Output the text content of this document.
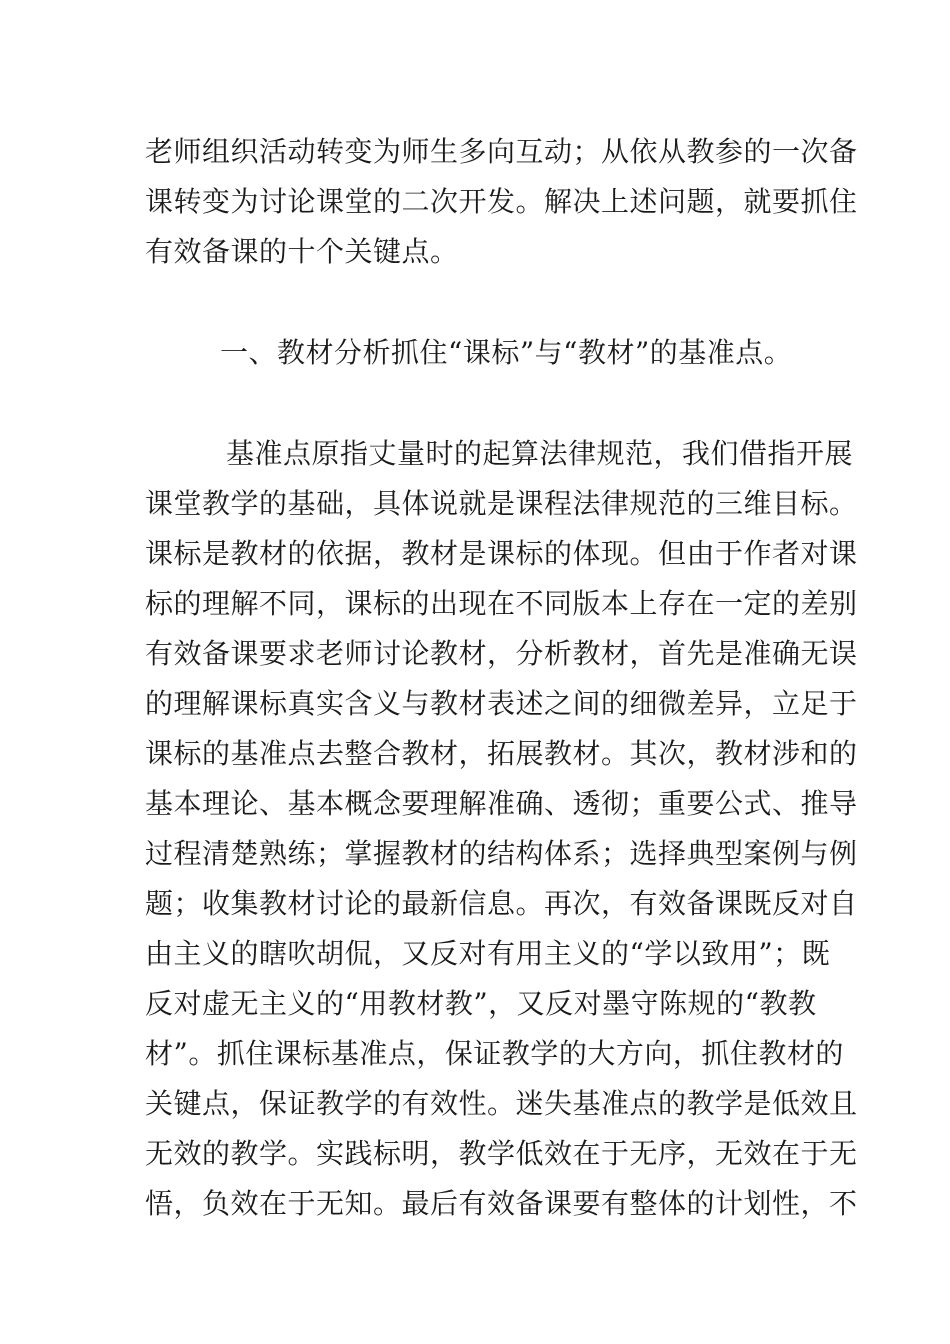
老师组织活动转变为师生多向互动；从依从教参的一次备
课转变为讨论课堂的二次开发。解决上述问题，就要抓住
有效备课的十个关键点。
一、教材分析抓住“课标”与“教材”的基准点。
基准点原指丈量时的起算法律规范，我们借指开展
课堂教学的基础，具体说就是课程法律规范的三维目标。
课标是教材的依据，教材是课标的体现。但由于作者对课
标的理解不同，课标的出现在不同版本上存在一定的差别
有效备课要求老师讨论教材，分析教材，首先是准确无误
的理解课标真实含义与教材表述之间的细微差异，立足于
课标的基准点去整合教材，拓展教材。其次，教材涉和的
基本理论、基本概念要理解准确、透彻；重要公式、推导
过程清楚熟练；掌握教材的结构体系；选择典型案例与例
题；收集教材讨论的最新信息。再次，有效备课既反对自
由主义的瞎吹胡侃，又反对有用主义的“学以致用”；既
反对虚无主义的“用教材教”，又反对墨守陈规的“教教
材”。抓住课标基准点，保证教学的大方向，抓住教材的
关键点，保证教学的有效性。迷失基准点的教学是低效且
无效的教学。实践标明，教学低效在于无序，无效在于无
悟，负效在于无知。最后有效备课要有整体的计划性，不
